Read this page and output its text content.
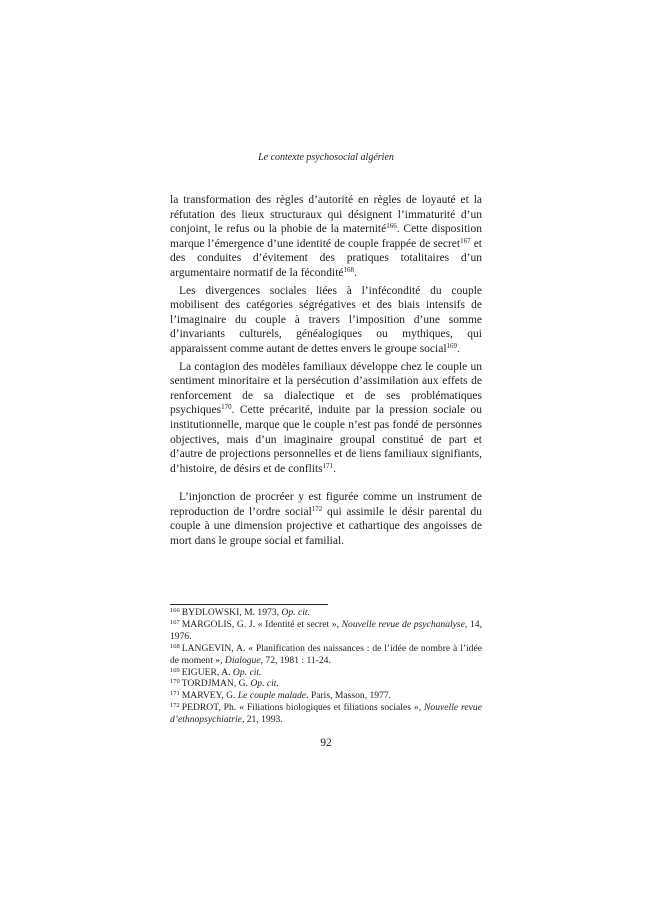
Le contexte psychosocial algérien

la transformation des règles d’autorité en règles de loyauté et la réfutation des lieux structuraux qui désignent l’immaturité d’un conjoint, le refus ou la phobie de la maternité$^{166}$. Cette disposition marque l’émergence d’une identité de couple frappée de secret$^{167}$ et des conduites d’évitement des pratiques totalitaires d’un argumentaire normatif de la fécondité$^{168}$.

Les divergences sociales liées à l’infécondité du couple mobilisent des catégories ségrégatives et des biais intensifs de l’imaginaire du couple à travers l’imposition d’une somme d’invariants culturels, généalogiques ou mythiques, qui apparaissent comme autant de dettes envers le groupe social$^{169}$.

La contagion des modèles familiaux développe chez le couple un sentiment minoritaire et la persécution d’assimilation aux effets de renforcement de sa dialectique et de ses problématiques psychiques$^{170}$. Cette précarité, induite par la pression sociale ou institutionnelle, marque que le couple n’est pas fondé de personnes objectives, mais d’un imaginaire groupal constitué de part et d’autre de projections personnelles et de liens familiaux signifiants, d’histoire, de désirs et de conflits$^{171}$.

L’injonction de procréer y est figurée comme un instrument de reproduction de l’ordre social$^{172}$ qui assimile le désir parental du couple à une dimension projective et cathartique des angoisses de mort dans le groupe social et familial.

$^{166}$ BYDLOWSKI, M. 1973, Op. cit.

$^{167}$ MARGOLIS, G. J. « Identité et secret », Nouvelle revue de psychanalyse, 14, 1976.

$^{168}$ LANGEVIN, A. « Planification des naissances : de l’idée de nombre à l’idée de moment », Dialogue, 72, 1981 : 11-24.

$^{169}$ EIGUER, A. Op. cit.

$^{170}$ TORDJMAN, G. Op. cit.

$^{171}$ MARVEY, G. Le couple malade. Paris, Masson, 1977.

$^{172}$ PEDROT, Ph. « Filiations biologiques et filiations sociales », Nouvelle revue d’ethnopsychiatrie, 21, 1993.

92
